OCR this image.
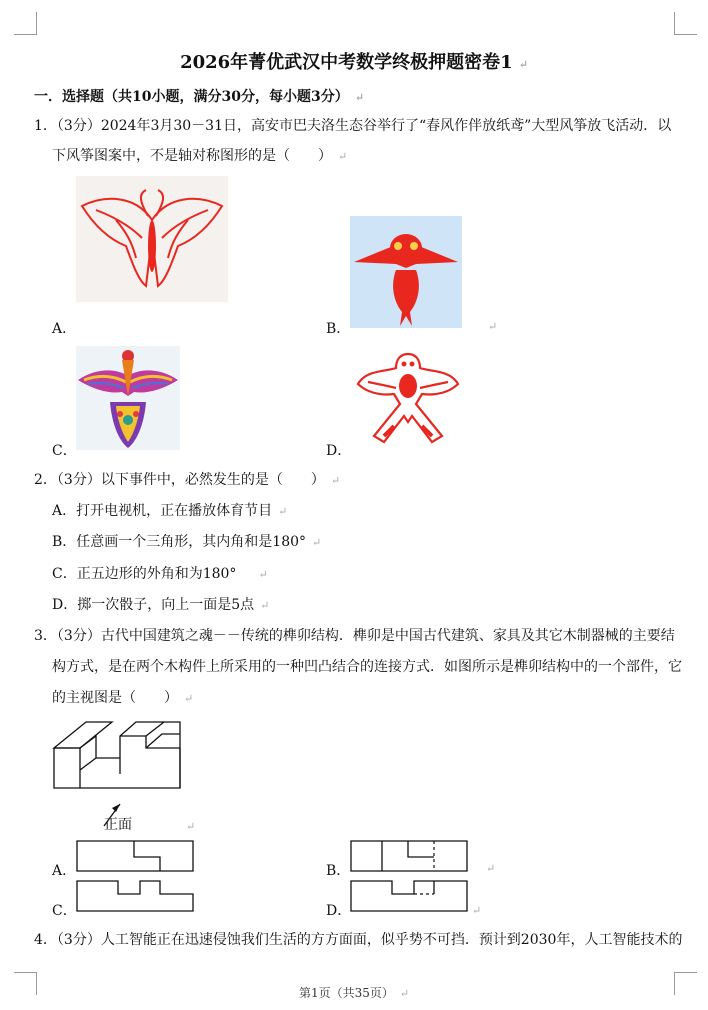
2026年菁优武汉中考数学终极押题密卷1 ↵
一．选择题（共10小题，满分30分，每小题3分） ↵
1．（3分）2024年3月30－31日，高安市巴夫洛生态谷举行了“春风作伴放纸鸢”大型风筝放飞活动．以
下风筝图案中，不是轴对称图形的是（　　） ↵
A．	B．	↵
C．	D．
2．（3分）以下事件中，必然发生的是（　　） ↵
A．打开电视机，正在播放体育节目 ↵
B．任意画一个三角形，其内角和是180° ↵
C．正五边形的外角和为180° ↵
D．掷一次骰子，向上一面是5点 ↵
3．（3分）古代中国建筑之魂－－传统的榫卯结构．榫卯是中国古代建筑、家具及其它木制器械的主要结
构方式，是在两个木构件上所采用的一种凹凸结合的连接方式．如图所示是榫卯结构中的一个部件，它
的主视图是（　　） ↵
正面	↵
A．	B．	↵
C．	D．	↵
4．（3分）人工智能正在迅速侵蚀我们生活的方方面面，似乎势不可挡．预计到2030年，人工智能技术的
第1页（共35页） ↵
